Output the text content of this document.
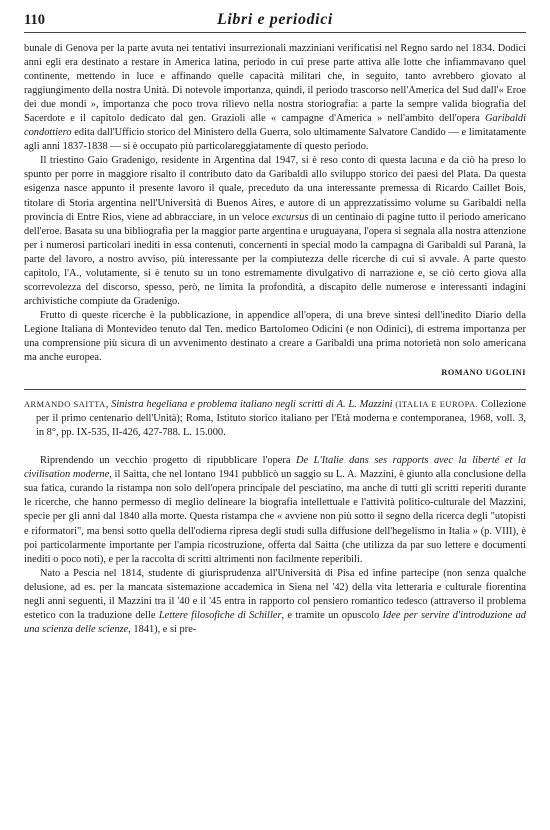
110	Libri e periodici

bunale di Genova per la parte avuta nei tentativi insurrezionali mazziniani verificatisi nel Regno sardo nel 1834. Dodici anni egli era destinato a restare in America latina, periodo in cui prese parte attiva alle lotte che infiammavano quel continente, mettendo in luce e affinando quelle capacità militari che, in seguito, tanto avrebbero giovato al raggiungimento della nostra Unità. Di notevole importanza, quindi, il periodo trascorso nell'America del Sud dall'« Eroe dei due mondi », importanza che poco trova rilievo nella nostra storiografia: a parte la sempre valida biografia del Sacerdote e il capitolo dedicato dal gen. Grazioli alle « campagne d'America » nell'ambito dell'opera Garibaldi condottiero edita dall'Ufficio storico del Ministero della Guerra, solo ultimamente Salvatore Candido — e limitatamente agli anni 1837-1838 — si è occupato più particolareggiatamente di questo periodo.

Il triestino Gaio Gradenigo, residente in Argentina dal 1947, si è reso conto di questa lacuna e da ciò ha preso lo spunto per porre in maggiore risalto il contributo dato da Garibaldi allo sviluppo storico dei paesi del Plata. Da questa esigenza nasce appunto il presente lavoro il quale, preceduto da una interessante premessa di Ricardo Caillet Bois, titolare di Storia argentina nell'Università di Buenos Aires, e autore di un apprezzatissimo volume su Garibaldi nella provincia di Entre Rios, viene ad abbracciare, in un veloce excursus di un centinaio di pagine tutto il periodo americano dell'eroe. Basata su una bibliografia per la maggior parte argentina e uruguayana, l'opera si segnala alla nostra attenzione per i numerosi particolari inediti in essa contenuti, concernenti in special modo la campagna di Garibaldi sul Paranà, la parte del lavoro, a nostro avviso, più interessante per la compiutezza delle ricerche di cui si avvale. A parte questo capitolo, l'A., volutamente, si è tenuto su un tono estremamente divulgativo di narrazione e, se ciò certo giova alla scorrevolezza del discorso, spesso, però, ne limita la profondità, a discapito delle numerose e interessanti indagini archivistiche compiute da Gradenigo.

Frutto di queste ricerche è la pubblicazione, in appendice all'opera, di una breve sintesi dell'inedito Diario della Legione Italiana di Montevideo tenuto dal Ten. medico Bartolomeo Odicini (e non Odinici), di estrema importanza per una comprensione più sicura di un avvenimento destinato a creare a Garibaldi una prima notorietà non solo americana ma anche europea.

ROMANO UGOLINI

ARMANDO SAITTA, Sinistra hegeliana e problema italiano negli scritti di A. L. Mazzini (ITALIA E EUROPA. Collezione per il primo centenario dell'Unità); Roma, Istituto storico italiano per l'Età moderna e contemporanea, 1968, voll. 3, in 8°, pp. IX-535, II-426, 427-788. L. 15.000.

Riprendendo un vecchio progetto di ripubblicare l'opera De L'Italie dans ses rapports avec la liberté et la civilisation moderne, il Saitta, che nel lontano 1941 pubblicò un saggio su L. A. Mazzini, è giunto alla conclusione della sua fatica, curando la ristampa non solo dell'opera principale del pesciatino, ma anche di tutti gli scritti reperiti durante le ricerche, che hanno permesso di meglio delineare la biografia intellettuale e l'attività politico-culturale del Mazzini, specie per gli anni dal 1840 alla morte. Questa ristampa che « avviene non più sotto il segno della ricerca degli "utopisti e riformatori", ma bensì sotto quella dell'odierna ripresa degli studi sulla diffusione dell'hegelismo in Italia » (p. VIII), è poi particolarmente importante per l'ampia ricostruzione, offerta dal Saitta (che utilizza da par suo lettere e documenti inediti o poco noti), e per la raccolta di scritti altrimenti non facilmente reperibili.

Nato a Pescia nel 1814, studente di giurisprudenza all'Università di Pisa ed infine partecipe (non senza qualche delusione, ad es. per la mancata sistemazione accademica in Siena nel '42) della vita letteraria e culturale fiorentina negli anni seguenti, il Mazzini tra il '40 e il '45 entra in rapporto col pensiero romantico tedesco (attraverso il problema estetico con la traduzione delle Lettere filosofiche di Schiller, e tramite un opuscolo Idee per servire d'introduzione ad una scienza delle scienze, 1841), e si pre-
